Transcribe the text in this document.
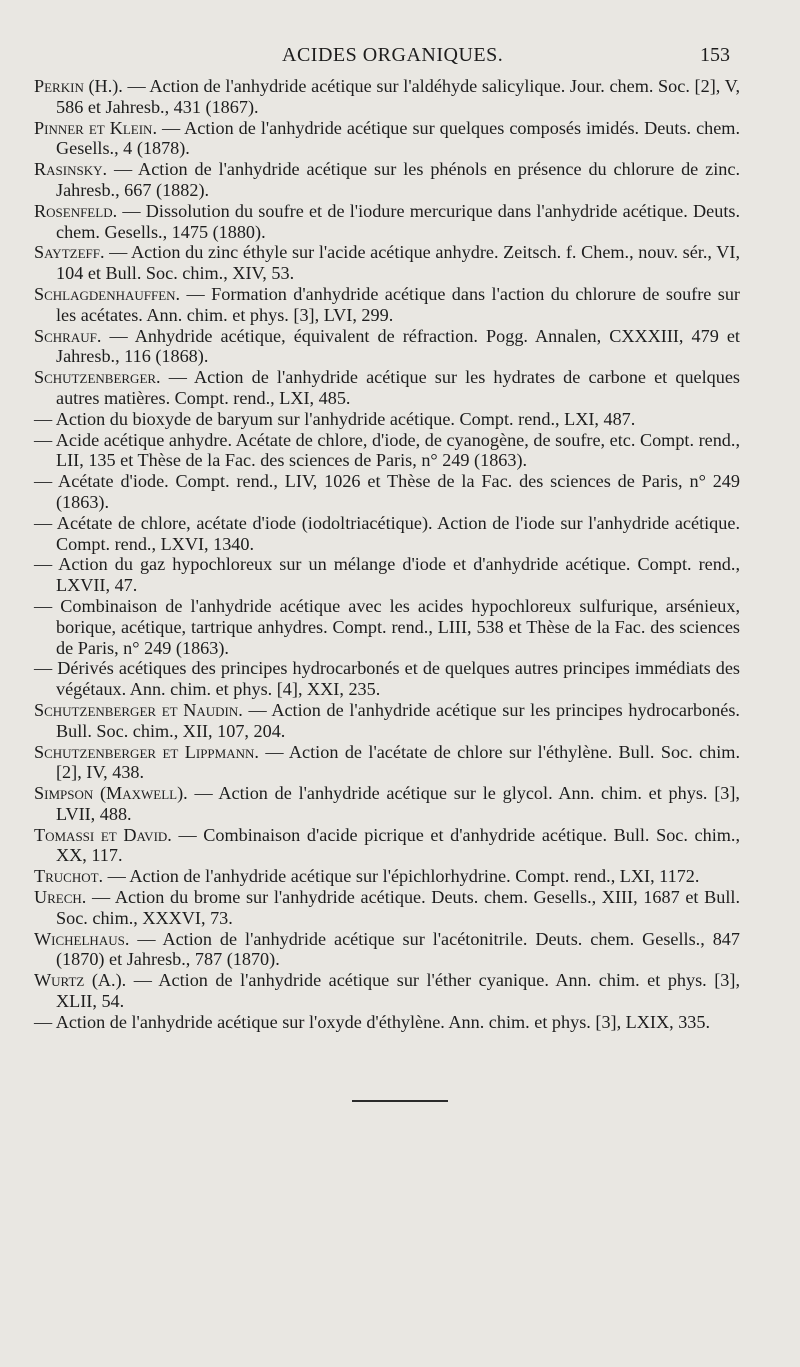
ACIDES ORGANIQUES.	153

Perkin (H.). — Action de l'anhydride acétique sur l'aldéhyde salicylique. Jour. chem. Soc. [2], V, 586 et Jahresb., 431 (1867).

Pinner et Klein. — Action de l'anhydride acétique sur quelques composés imidés. Deuts. chem. Gesells., 4 (1878).

Rasinsky. — Action de l'anhydride acétique sur les phénols en présence du chlorure de zinc. Jahresb., 667 (1882).

Rosenfeld. — Dissolution du soufre et de l'iodure mercurique dans l'anhydride acétique. Deuts. chem. Gesells., 1475 (1880).

Saytzeff. — Action du zinc éthyle sur l'acide acétique anhydre. Zeitsch. f. Chem., nouv. sér., VI, 104 et Bull. Soc. chim., XIV, 53.

Schlagdenhauffen. — Formation d'anhydride acétique dans l'action du chlorure de soufre sur les acétates. Ann. chim. et phys. [3], LVI, 299.

Schrauf. — Anhydride acétique, équivalent de réfraction. Pogg. Annalen, CXXXIII, 479 et Jahresb., 116 (1868).

Schutzenberger. — Action de l'anhydride acétique sur les hydrates de carbone et quelques autres matières. Compt. rend., LXI, 485.

— Action du bioxyde de baryum sur l'anhydride acétique. Compt. rend., LXI, 487.

— Acide acétique anhydre. Acétate de chlore, d'iode, de cyanogène, de soufre, etc. Compt. rend., LII, 135 et Thèse de la Fac. des sciences de Paris, n° 249 (1863).

— Acétate d'iode. Compt. rend., LIV, 1026 et Thèse de la Fac. des sciences de Paris, n° 249 (1863).

— Acétate de chlore, acétate d'iode (iodoltriacétique). Action de l'iode sur l'anhydride acétique. Compt. rend., LXVI, 1340.

— Action du gaz hypochloreux sur un mélange d'iode et d'anhydride acétique. Compt. rend., LXVII, 47.

— Combinaison de l'anhydride acétique avec les acides hypochloreux sulfurique, arsénieux, borique, acétique, tartrique anhydres. Compt. rend., LIII, 538 et Thèse de la Fac. des sciences de Paris, n° 249 (1863).

— Dérivés acétiques des principes hydrocarbonés et de quelques autres principes immédiats des végétaux. Ann. chim. et phys. [4], XXI, 235.

Schutzenberger et Naudin. — Action de l'anhydride acétique sur les principes hydrocarbonés. Bull. Soc. chim., XII, 107, 204.

Schutzenberger et Lippmann. — Action de l'acétate de chlore sur l'éthylène. Bull. Soc. chim. [2], IV, 438.

Simpson (Maxwell). — Action de l'anhydride acétique sur le glycol. Ann. chim. et phys. [3], LVII, 488.

Tomassi et David. — Combinaison d'acide picrique et d'anhydride acétique. Bull. Soc. chim., XX, 117.

Truchot. — Action de l'anhydride acétique sur l'épichlorhydrine. Compt. rend., LXI, 1172.

Urech. — Action du brome sur l'anhydride acétique. Deuts. chem. Gesells., XIII, 1687 et Bull. Soc. chim., XXXVI, 73.

Wichelhaus. — Action de l'anhydride acétique sur l'acétonitrile. Deuts. chem. Gesells., 847 (1870) et Jahresb., 787 (1870).

Wurtz (A.). — Action de l'anhydride acétique sur l'éther cyanique. Ann. chim. et phys. [3], XLII, 54.

— Action de l'anhydride acétique sur l'oxyde d'éthylène. Ann. chim. et phys. [3], LXIX, 335.
